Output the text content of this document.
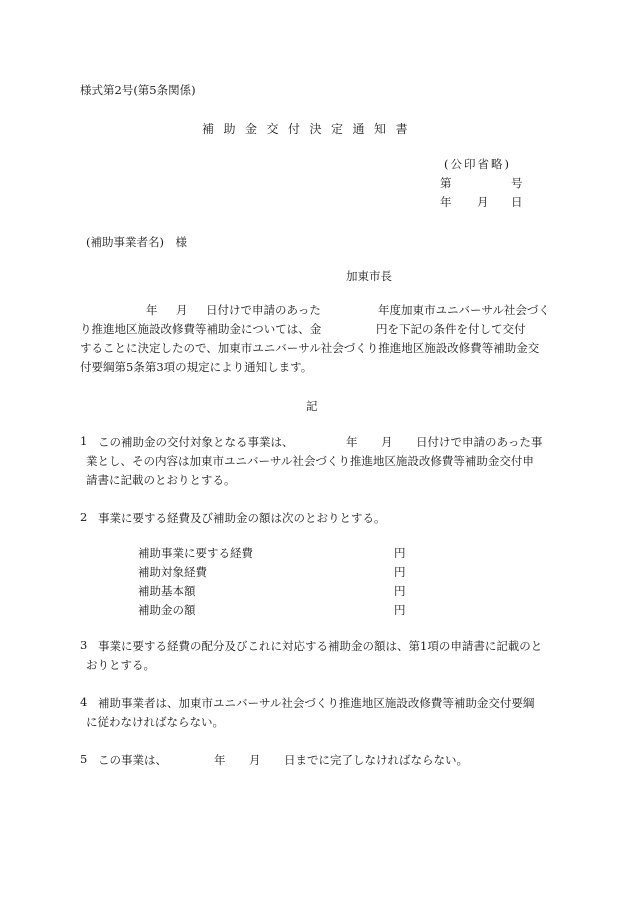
様式第2号(第5条関係)
補助金交付決定通知書
(公印省略)
第	号
年 月 日
(補助事業者名)　様
加東市長
年 月 日付けで申請のあった	年度加東市ユニバーサル社会づく
り推進地区施設改修費等補助金については、金	円を下記の条件を付して交付
することに決定したので、加東市ユニバーサル社会づくり推進地区施設改修費等補助金交
付要綱第5条第3項の規定により通知します。
記
1 この補助金の交付対象となる事業は、	年 月 日付けで申請のあった事
業とし、その内容は加東市ユニバーサル社会づくり推進地区施設改修費等補助金交付申
請書に記載のとおりとする。
2 事業に要する経費及び補助金の額は次のとおりとする。
補助事業に要する経費	円
補助対象経費	円
補助基本額	円
補助金の額	円
3 事業に要する経費の配分及びこれに対応する補助金の額は、第1項の申請書に記載のと
おりとする。
4 補助事業者は、加東市ユニバーサル社会づくり推進地区施設改修費等補助金交付要綱
に従わなければならない。
5 この事業は、	年 月 日までに完了しなければならない。
